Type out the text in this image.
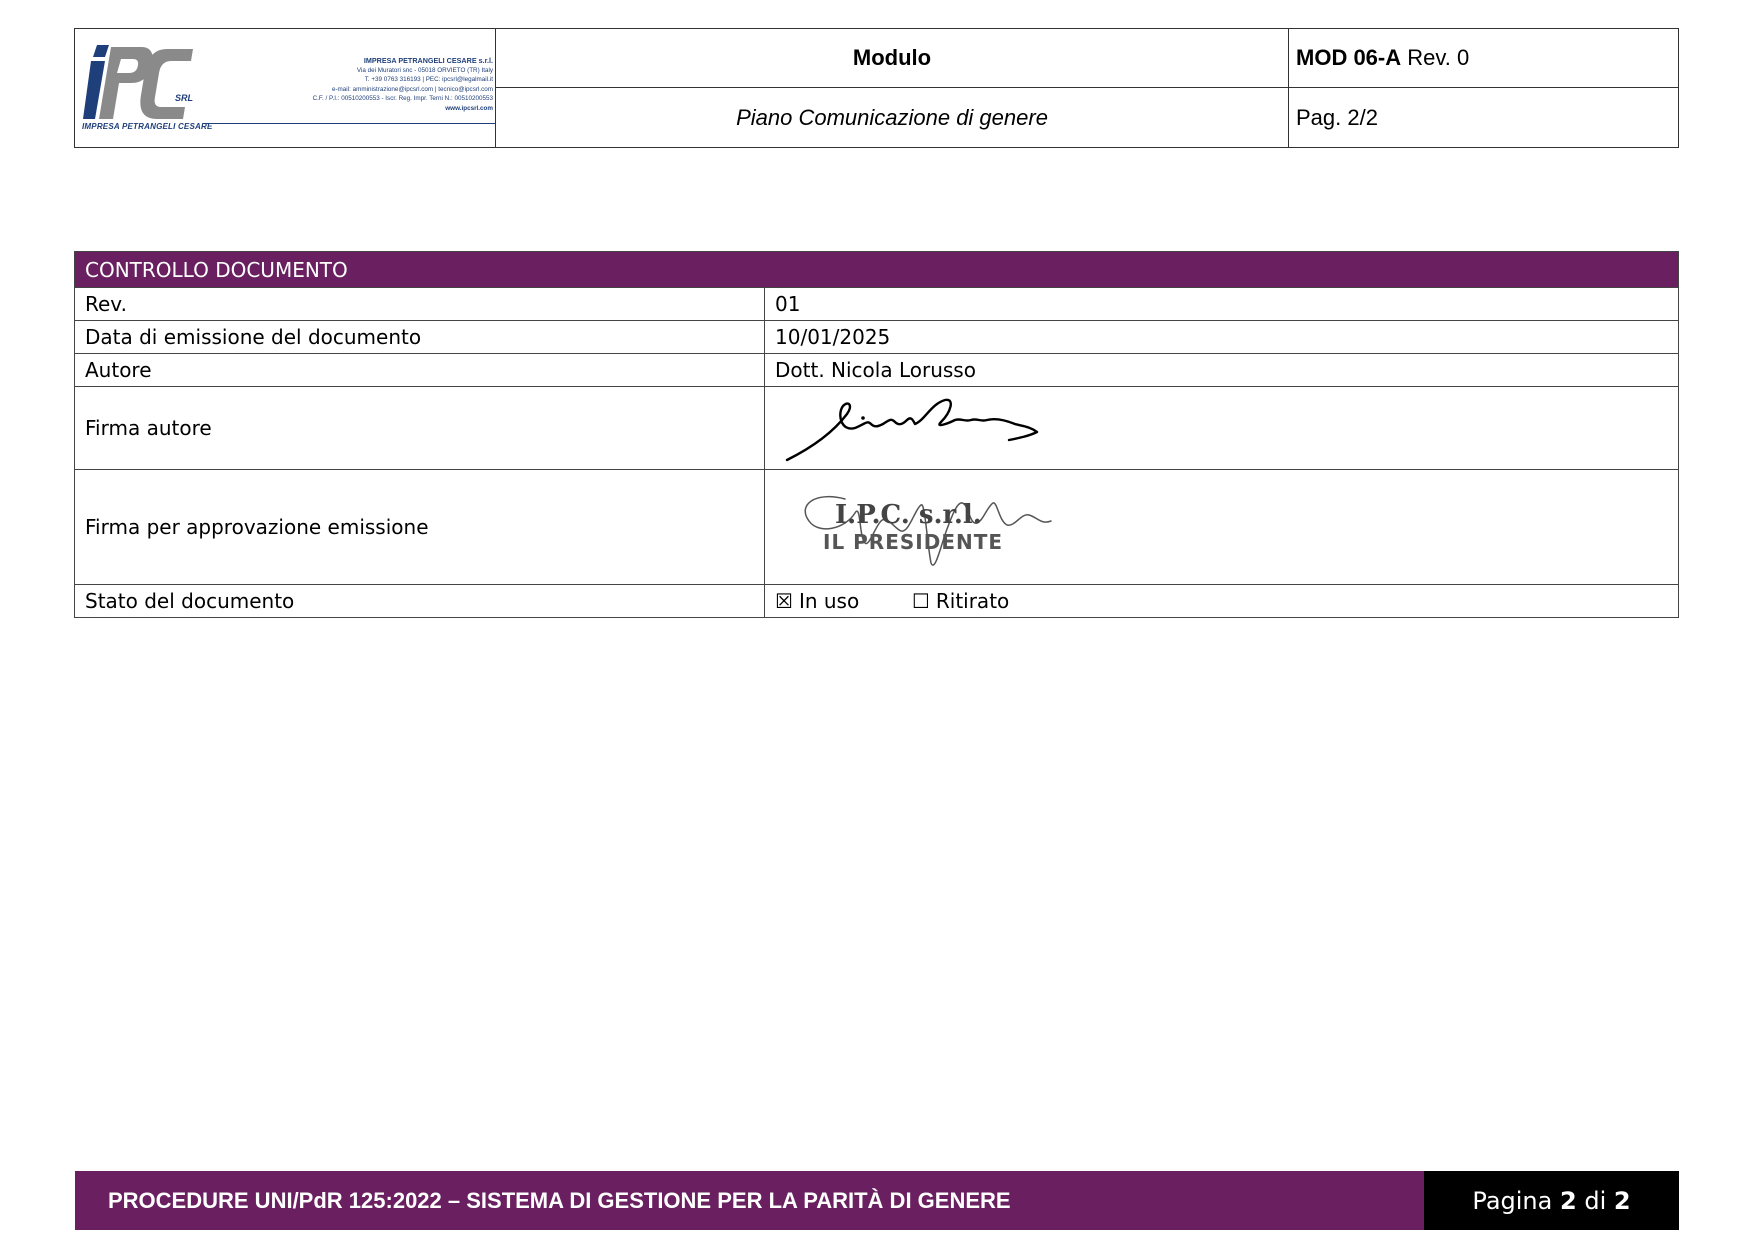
SRL
IMPRESA PETRANGELI CESARE
IMPRESA PETRANGELI CESARE s.r.l.
Via dei Muratori snc - 05018 ORVIETO (TR) Italy
T. +39 0763 316193 | PEC: ipcsrl@legalmail.it
e-mail: amministrazione@ipcsrl.com | tecnico@ipcsrl.com
C.F. / P.I.: 00510200553 - Iscr. Reg. Impr. Terni N.: 00510200553
www.ipcsrl.com
Modulo
Piano Comunicazione di genere
MOD 06-A
Rev. 0
Pag. 2/2
CONTROLLO DOCUMENTO	
Rev.	01
Data di emissione del documento	10/01/2025
Autore	Dott. Nicola Lorusso
Firma autore	

Firma per approvazione emissione	I.P.C. s.r.l.
IL PRESIDENTE

Stato del documento	☒ In uso ☐ Ritirato
PROCEDURE UNI/PdR 125:2022 – SISTEMA DI GESTIONE PER LA PARITÀ DI GENERE	Pagina
2
di
2
